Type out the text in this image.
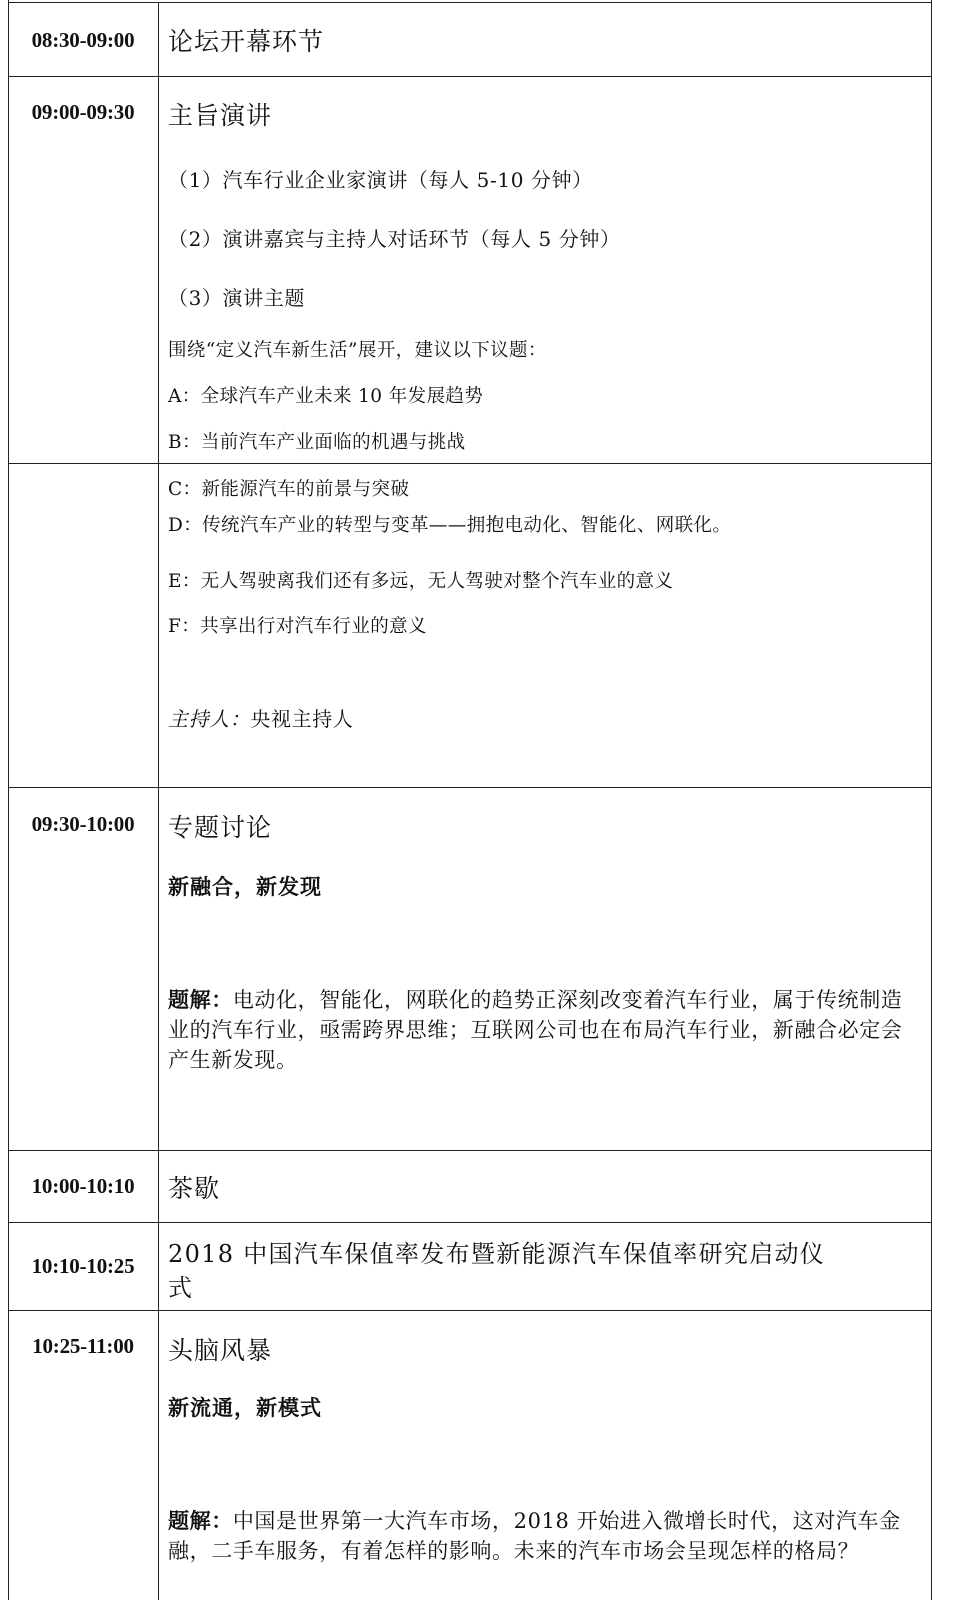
08:30-09:00	论坛开幕环节
09:00-09:30	主旨演讲
（1）汽车行业企业家演讲（每人 5-10 分钟）
（2）演讲嘉宾与主持人对话环节（每人 5 分钟）
（3）演讲主题
围绕“定义汽车新生活”展开，建议以下议题：
A：全球汽车产业未来 10 年发展趋势
B：当前汽车产业面临的机遇与挑战
C：新能源汽车的前景与突破
D：传统汽车产业的转型与变革——拥抱电动化、智能化、网联化。
E：无人驾驶离我们还有多远，无人驾驶对整个汽车业的意义
F：共享出行对汽车行业的意义
主持人：央视主持人
09:30-10:00	专题讨论
新融合，新发现
题解：电动化，智能化，网联化的趋势正深刻改变着汽车行业，属于传统制造业的汽车行业，亟需跨界思维；互联网公司也在布局汽车行业，新融合必定会产生新发现。
10:00-10:10	茶歇
10:10-10:25	2018 中国汽车保值率发布暨新能源汽车保值率研究启动仪
式
10:25-11:00	头脑风暴
新流通，新模式
题解：中国是世界第一大汽车市场，2018 开始进入微增长时代，这对汽车金融，二手车服务，有着怎样的影响。未来的汽车市场会呈现怎样的格局？
